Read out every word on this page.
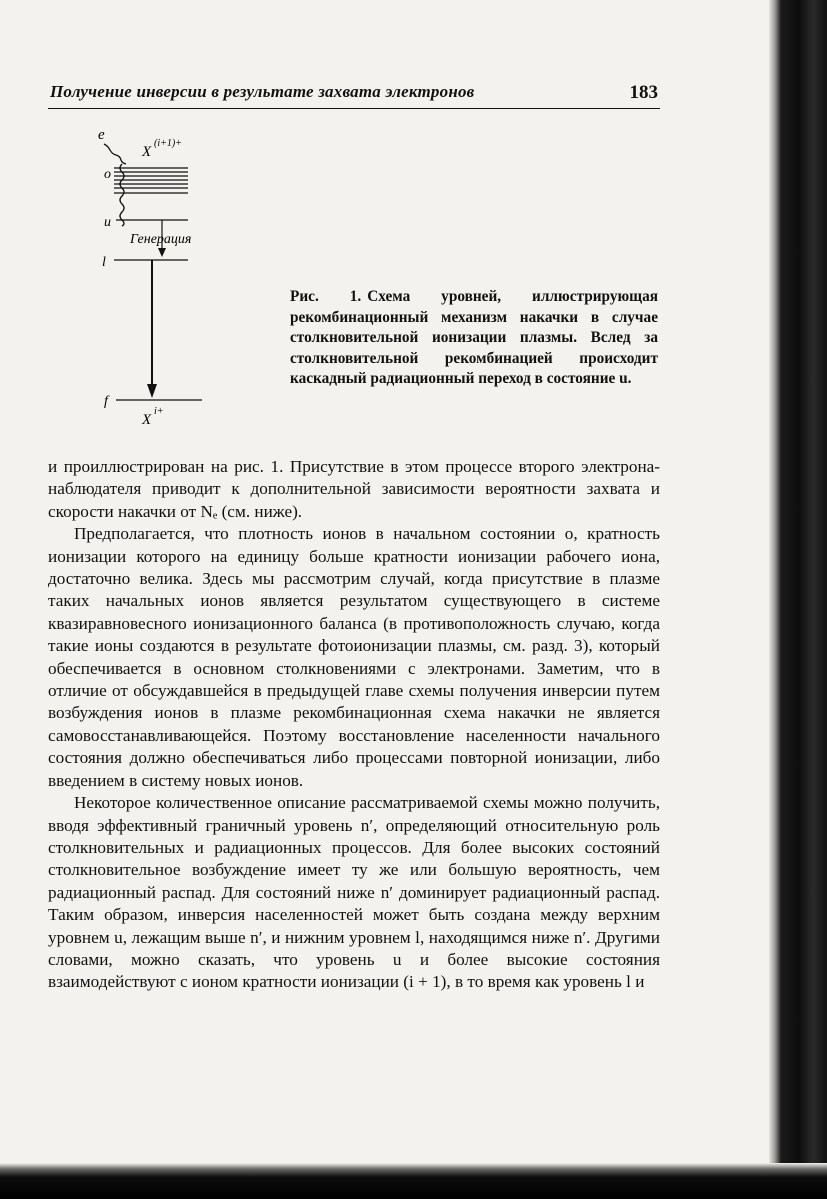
Получение инверсии в результате захвата электронов	183
e
X
(i+1)+
o
u
Генерация
l
f
X
i+
Рис. 1. Схема уровней, иллюстрирующая рекомбинационный механизм накачки в случае столкновительной ионизации плазмы. Вслед за столкновительной рекомбинацией происходит каскадный радиационный переход в состояние u.

и проиллюстрирован на рис. 1. Присутствие в этом процессе второго электрона-наблюдателя приводит к дополнительной зависимости вероятности захвата и скорости накачки от Nₑ (см. ниже).

Предполагается, что плотность ионов в начальном состоянии o, кратность ионизации которого на единицу больше кратности ионизации рабочего иона, достаточно велика. Здесь мы рассмотрим случай, когда присутствие в плазме таких начальных ионов является результатом существующего в системе квазиравновесного ионизационного баланса (в противоположность случаю, когда такие ионы создаются в результате фотоионизации плазмы, см. разд. 3), который обеспечивается в основном столкновениями с электронами. Заметим, что в отличие от обсуждавшейся в предыдущей главе схемы получения инверсии путем возбуждения ионов в плазме рекомбинационная схема накачки не является самовосстанавливающейся. Поэтому восстановление населенности начального состояния должно обеспечиваться либо процессами повторной ионизации, либо введением в систему новых ионов.

Некоторое количественное описание рассматриваемой схемы можно получить, вводя эффективный граничный уровень n′, определяющий относительную роль столкновительных и радиационных процессов. Для более высоких состояний столкновительное возбуждение имеет ту же или большую вероятность, чем радиационный распад. Для состояний ниже n′ доминирует радиационный распад. Таким образом, инверсия населенностей может быть создана между верхним уровнем u, лежащим выше n′, и нижним уровнем l, находящимся ниже n′. Другими словами, можно сказать, что уровень u и более высокие состояния взаимодействуют с ионом кратности ионизации (i + 1), в то время как уровень l и
